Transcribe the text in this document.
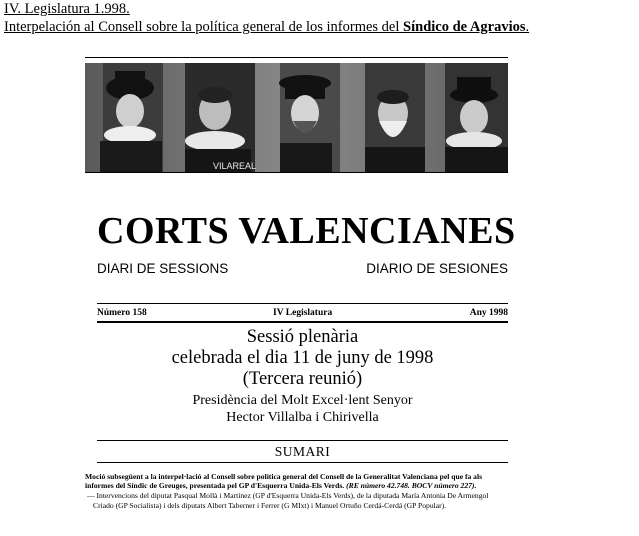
IV. Legislatura 1.998.
Interpelación al Consell sobre la política general de los informes del Síndico de Agravios.
VILAREAL
CORTS VALENCIANES
DIARI DE SESSIONS	DIARIO DE SESIONES
Número 158	IV Legislatura	Any 1998
Sessió plenària
celebrada el dia 11 de juny de 1998
(Tercera reunió)
Presidència del Molt Excel·lent Senyor
Hector Villalba i Chirivella
SUMARI
Moció subsegüent a la interpel·lació al Consell sobre política general del Consell de la Generalitat Valenciana pel que fa als informes del Síndic de Greuges, presentada pel GP d'Esquerra Unida-Els Verds. (RE número 42.748. BOCV número 227).
— Intervencions del diputat Pasqual Mollà i Martínez (GP d'Esquerra Unida-Els Verds), de la diputada María Antonia De Armengol Criado (GP Socialista) i dels diputats Albert Taberner i Ferrer (G MIxt) i Manuel Ortuño Cerdá-Cerdá (GP Popular).
